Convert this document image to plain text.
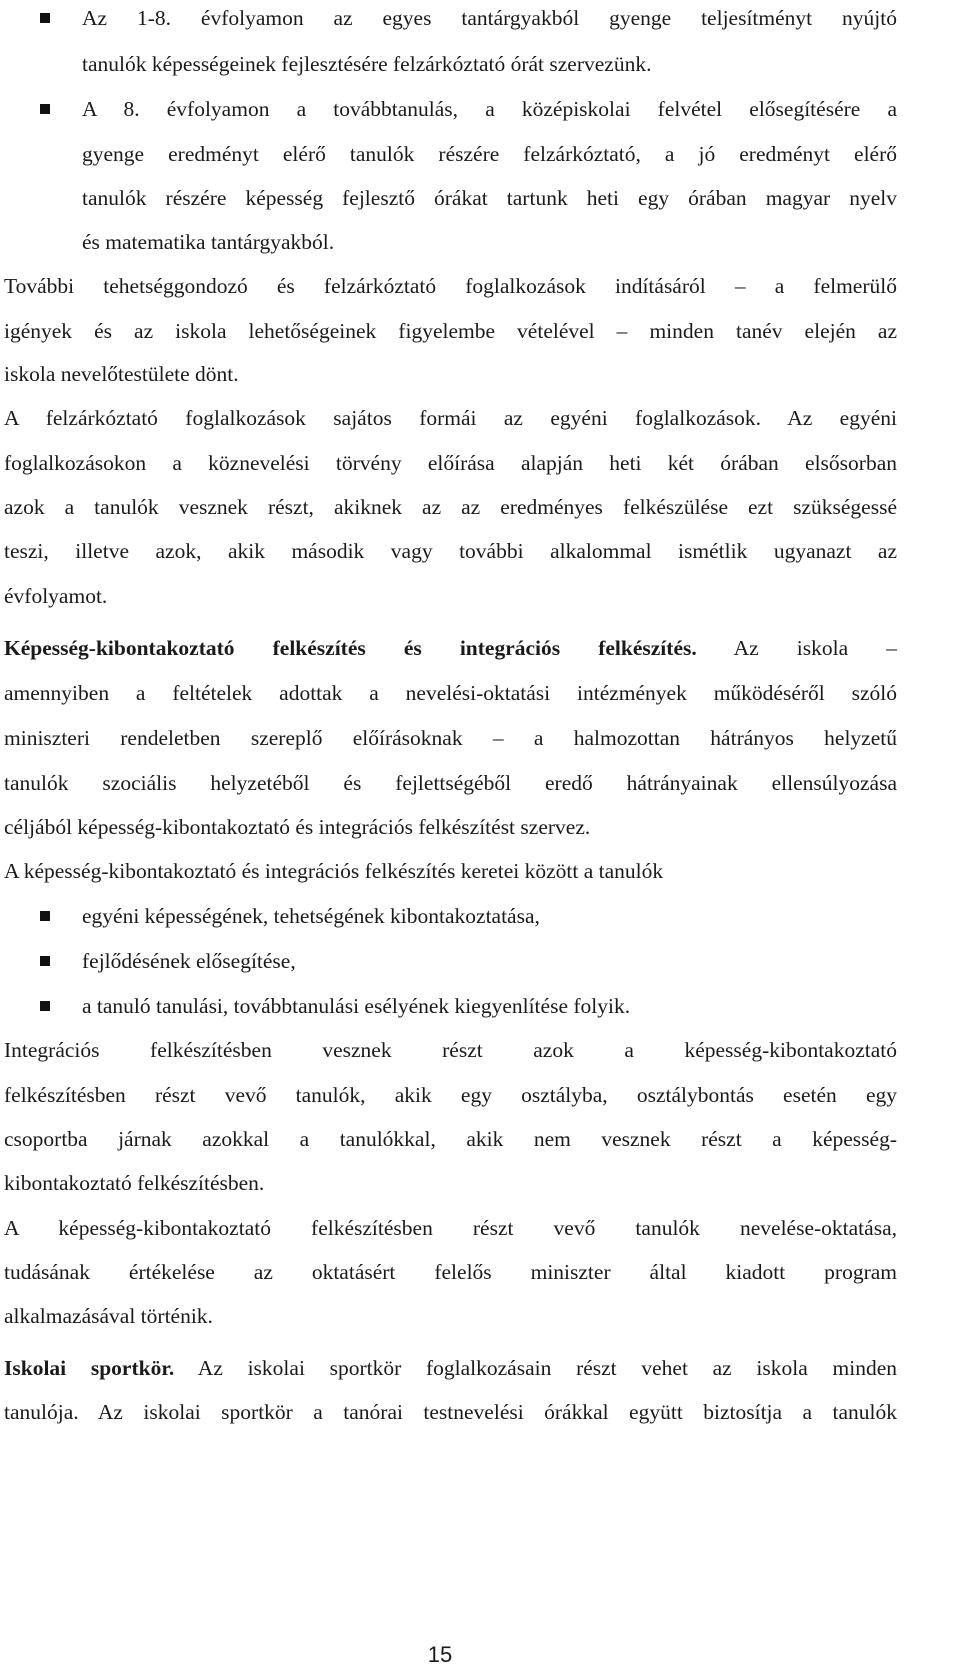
Az 1-8. évfolyamon az egyes tantárgyakból gyenge teljesítményt nyújtó
tanulók képességeinek fejlesztésére felzárkóztató órát szervezünk.
A 8. évfolyamon a továbbtanulás, a középiskolai felvétel elősegítésére a
gyenge eredményt elérő tanulók részére felzárkóztató, a jó eredményt elérő
tanulók részére képesség fejlesztő órákat tartunk heti egy órában magyar nyelv
és matematika tantárgyakból.
További tehetséggondozó és felzárkóztató foglalkozások indításáról – a felmerülő
igények és az iskola lehetőségeinek figyelembe vételével – minden tanév elején az
iskola nevelőtestülete dönt.
A felzárkóztató foglalkozások sajátos formái az egyéni foglalkozások. Az egyéni
foglalkozásokon a köznevelési törvény előírása alapján heti két órában elsősorban
azok a tanulók vesznek részt, akiknek az az eredményes felkészülése ezt szükségessé
teszi, illetve azok, akik második vagy további alkalommal ismétlik ugyanazt az
évfolyamot.
Képesség-kibontakoztató felkészítés és integrációs felkészítés. Az iskola –
amennyiben a feltételek adottak a nevelési-oktatási intézmények működéséről szóló
miniszteri rendeletben szereplő előírásoknak – a halmozottan hátrányos helyzetű
tanulók szociális helyzetéből és fejlettségéből eredő hátrányainak ellensúlyozása
céljából képesség-kibontakoztató és integrációs felkészítést szervez.
A képesség-kibontakoztató és integrációs felkészítés keretei között a tanulók
egyéni képességének, tehetségének kibontakoztatása,
fejlődésének elősegítése,
a tanuló tanulási, továbbtanulási esélyének kiegyenlítése folyik.
Integrációs felkészítésben vesznek részt azok a képesség-kibontakoztató
felkészítésben részt vevő tanulók, akik egy osztályba, osztálybontás esetén egy
csoportba járnak azokkal a tanulókkal, akik nem vesznek részt a képesség-
kibontakoztató felkészítésben.
A képesség-kibontakoztató felkészítésben részt vevő tanulók nevelése-oktatása,
tudásának értékelése az oktatásért felelős miniszter által kiadott program
alkalmazásával történik.
Iskolai sportkör. Az iskolai sportkör foglalkozásain részt vehet az iskola minden
tanulója. Az iskolai sportkör a tanórai testnevelési órákkal együtt biztosítja a tanulók
15
